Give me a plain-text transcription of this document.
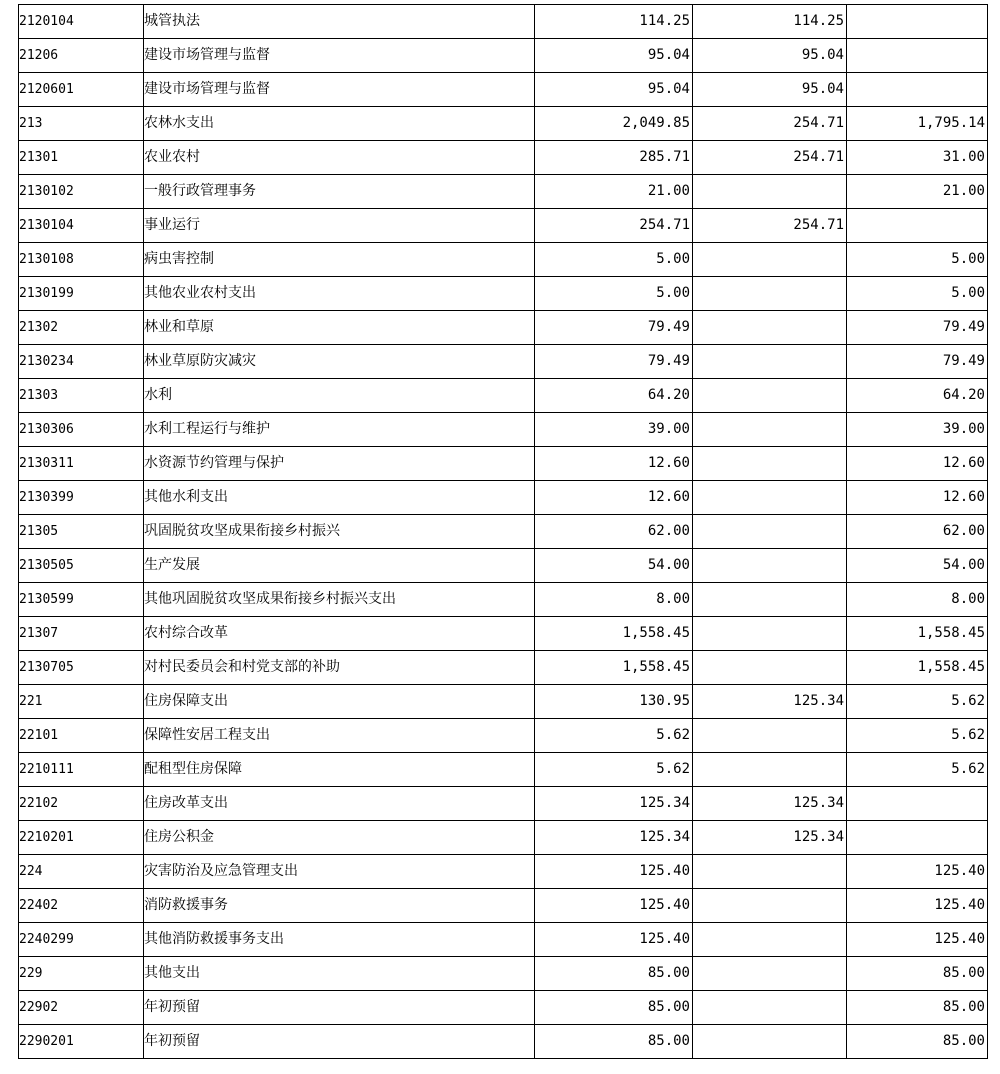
2120104	城管执法	114.25	114.25	
21206	建设市场管理与监督	95.04	95.04	
2120601	建设市场管理与监督	95.04	95.04	
213	农林水支出	2,049.85	254.71	1,795.14
21301	农业农村	285.71	254.71	31.00
2130102	一般行政管理事务	21.00		21.00
2130104	事业运行	254.71	254.71	
2130108	病虫害控制	5.00		5.00
2130199	其他农业农村支出	5.00		5.00
21302	林业和草原	79.49		79.49
2130234	林业草原防灾减灾	79.49		79.49
21303	水利	64.20		64.20
2130306	水利工程运行与维护	39.00		39.00
2130311	水资源节约管理与保护	12.60		12.60
2130399	其他水利支出	12.60		12.60
21305	巩固脱贫攻坚成果衔接乡村振兴	62.00		62.00
2130505	生产发展	54.00		54.00
2130599	其他巩固脱贫攻坚成果衔接乡村振兴支出	8.00		8.00
21307	农村综合改革	1,558.45		1,558.45
2130705	对村民委员会和村党支部的补助	1,558.45		1,558.45
221	住房保障支出	130.95	125.34	5.62
22101	保障性安居工程支出	5.62		5.62
2210111	配租型住房保障	5.62		5.62
22102	住房改革支出	125.34	125.34	
2210201	住房公积金	125.34	125.34	
224	灾害防治及应急管理支出	125.40		125.40
22402	消防救援事务	125.40		125.40
2240299	其他消防救援事务支出	125.40		125.40
229	其他支出	85.00		85.00
22902	年初预留	85.00		85.00
2290201	年初预留	85.00		85.00
